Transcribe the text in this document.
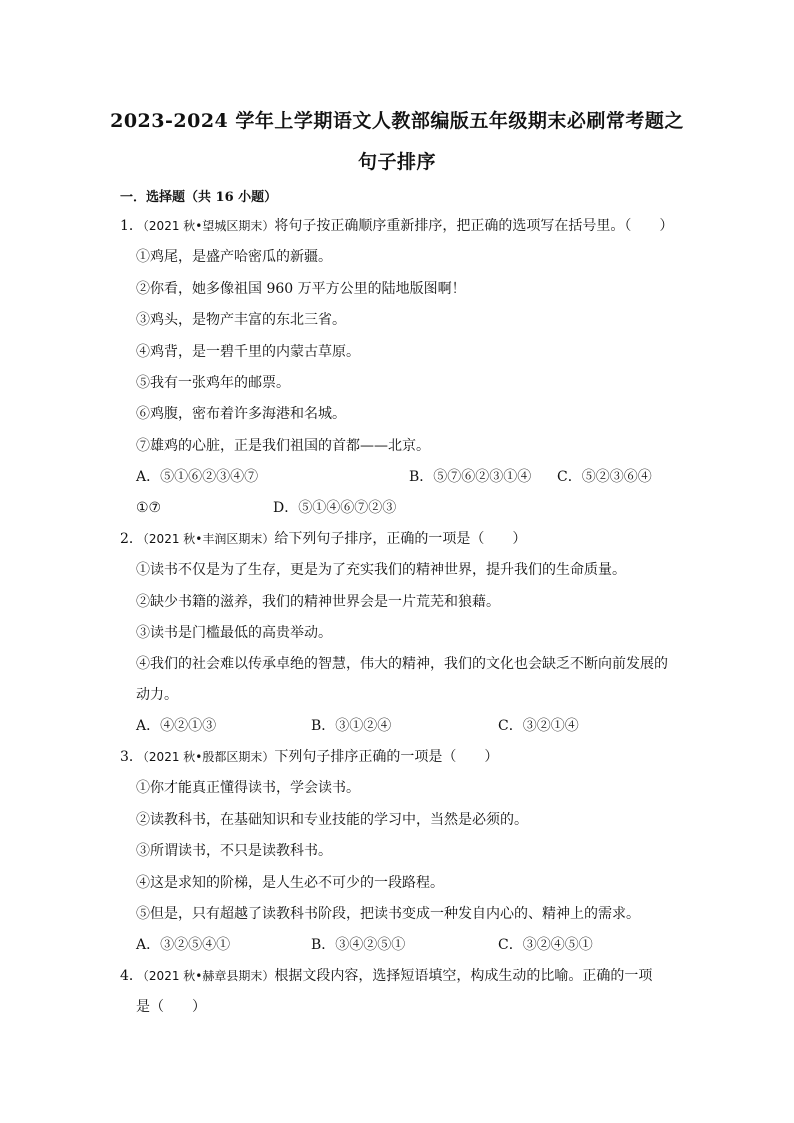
2023-2024 学年上学期语文人教部编版五年级期末必刷常考题之
句子排序
一．选择题（共 16 小题）
1．（2021 秋•望城区期末）将句子按正确顺序重新排序，把正确的选项写在括号里。（　　）
①鸡尾，是盛产哈密瓜的新疆。
②你看，她多像祖国 960 万平方公里的陆地版图啊！
③鸡头，是物产丰富的东北三省。
④鸡背，是一碧千里的内蒙古草原。
⑤我有一张鸡年的邮票。
⑥鸡腹，密布着许多海港和名城。
⑦雄鸡的心脏，正是我们祖国的首都——北京。
A．⑤①⑥②③④⑦	B．⑤⑦⑥②③①④ C．⑤②③⑥④
①⑦	D．⑤①④⑥⑦②③
2．（2021 秋•丰润区期末）给下列句子排序，正确的一项是（　　）
①读书不仅是为了生存，更是为了充实我们的精神世界，提升我们的生命质量。
②缺少书籍的滋养，我们的精神世界会是一片荒芜和狼藉。
③读书是门槛最低的高贵举动。
④我们的社会难以传承卓绝的智慧，伟大的精神，我们的文化也会缺乏不断向前发展的
动力。
A．④②①③	B．③①②④	C．③②①④
3．（2021 秋•殷都区期末）下列句子排序正确的一项是（　　）
①你才能真正懂得读书，学会读书。
②读教科书，在基础知识和专业技能的学习中，当然是必须的。
③所谓读书，不只是读教科书。
④这是求知的阶梯，是人生必不可少的一段路程。
⑤但是，只有超越了读教科书阶段，把读书变成一种发自内心的、精神上的需求。
A．③②⑤④①	B．③④②⑤①	C．③②④⑤①
4．（2021 秋•赫章县期末）根据文段内容，选择短语填空，构成生动的比喻。正确的一项
是（　　）
